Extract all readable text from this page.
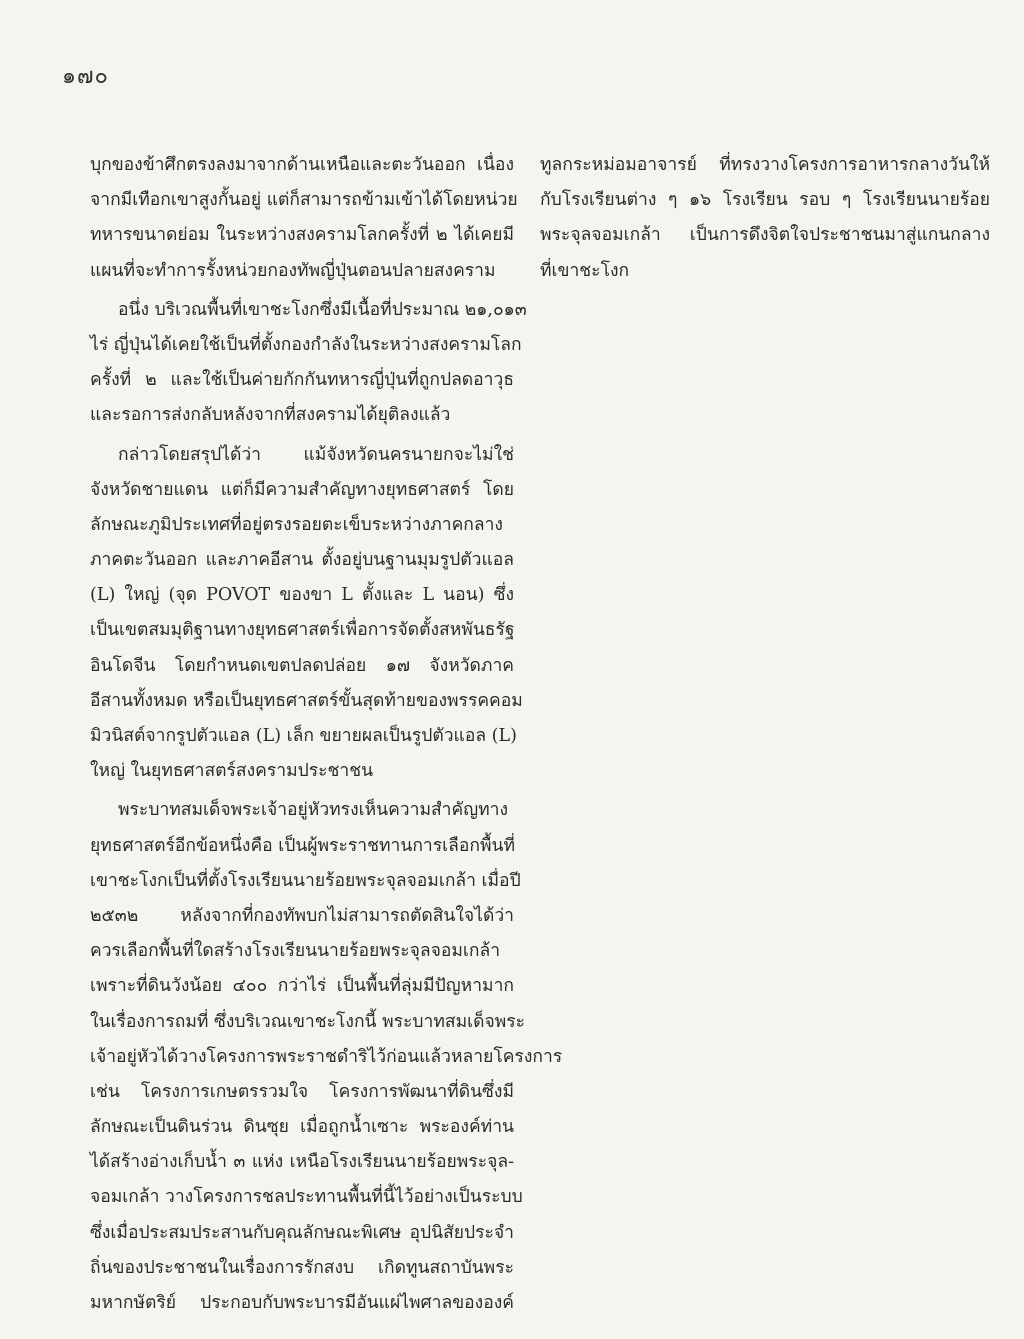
๑๗๐
บุกของข้าศึกตรงลงมาจากด้านเหนือและตะวันออก เนื่อง
จากมีเทือกเขาสูงกั้นอยู่ แต่ก็สามารถข้ามเข้าได้โดยหน่วย
ทหารขนาดย่อม ในระหว่างสงครามโลกครั้งที่ ๒ ได้เคยมี
แผนที่จะทำการรั้งหน่วยกองทัพญี่ปุ่นตอนปลายสงคราม
อนึ่ง บริเวณพื้นที่เขาชะโงกซึ่งมีเนื้อที่ประมาณ ๒๑,๐๑๓
ไร่ ญี่ปุ่นได้เคยใช้เป็นที่ตั้งกองกำลังในระหว่างสงครามโลก
ครั้งที่ ๒ และใช้เป็นค่ายกักกันทหารญี่ปุ่นที่ถูกปลดอาวุธ
และรอการส่งกลับหลังจากที่สงครามได้ยุติลงแล้ว
กล่าวโดยสรุปได้ว่า แม้จังหวัดนครนายกจะไม่ใช่
จังหวัดชายแดน แต่ก็มีความสำคัญทางยุทธศาสตร์ โดย
ลักษณะภูมิประเทศที่อยู่ตรงรอยตะเข็บระหว่างภาคกลาง
ภาคตะวันออก และภาคอีสาน ตั้งอยู่บนฐานมุมรูปตัวแอล
(L) ใหญ่ (จุด POVOT ของขา L ตั้งและ L นอน) ซึ่ง
เป็นเขตสมมุติฐานทางยุทธศาสตร์เพื่อการจัดตั้งสหพันธรัฐ
อินโดจีน โดยกำหนดเขตปลดปล่อย ๑๗ จังหวัดภาค
อีสานทั้งหมด หรือเป็นยุทธศาสตร์ขั้นสุดท้ายของพรรคคอม
มิวนิสต์จากรูปตัวแอล (L) เล็ก ขยายผลเป็นรูปตัวแอล (L)
ใหญ่ ในยุทธศาสตร์สงครามประชาชน
พระบาทสมเด็จพระเจ้าอยู่หัวทรงเห็นความสำคัญทาง
ยุทธศาสตร์อีกข้อหนึ่งคือ เป็นผู้พระราชทานการเลือกพื้นที่
เขาชะโงกเป็นที่ตั้งโรงเรียนนายร้อยพระจุลจอมเกล้า เมื่อปี
๒๕๓๒ หลังจากที่กองทัพบกไม่สามารถตัดสินใจได้ว่า
ควรเลือกพื้นที่ใดสร้างโรงเรียนนายร้อยพระจุลจอมเกล้า
เพราะที่ดินวังน้อย ๔๐๐ กว่าไร่ เป็นพื้นที่ลุ่มมีปัญหามาก
ในเรื่องการถมที่ ซึ่งบริเวณเขาชะโงกนี้ พระบาทสมเด็จพระ
เจ้าอยู่หัวได้วางโครงการพระราชดำริไว้ก่อนแล้วหลายโครงการ
เช่น โครงการเกษตรรวมใจ โครงการพัฒนาที่ดินซึ่งมี
ลักษณะเป็นดินร่วน ดินซุย เมื่อถูกน้ำเซาะ พระองค์ท่าน
ได้สร้างอ่างเก็บน้ำ ๓ แห่ง เหนือโรงเรียนนายร้อยพระจุล-
จอมเกล้า วางโครงการชลประทานพื้นที่นี้ไว้อย่างเป็นระบบ
ซึ่งเมื่อประสมประสานกับคุณลักษณะพิเศษ อุปนิสัยประจำ
ถิ่นของประชาชนในเรื่องการรักสงบ เกิดทูนสถาบันพระ
มหากษัตริย์ ประกอบกับพระบารมีอันแผ่ไพศาลขององค์
ทูลกระหม่อมอาจารย์ ที่ทรงวางโครงการอาหารกลางวันให้
กับโรงเรียนต่าง ๆ ๑๖ โรงเรียน รอบ ๆ โรงเรียนนายร้อย
พระจุลจอมเกล้า เป็นการดึงจิตใจประชาชนมาสู่แกนกลาง
ที่เขาชะโงก
